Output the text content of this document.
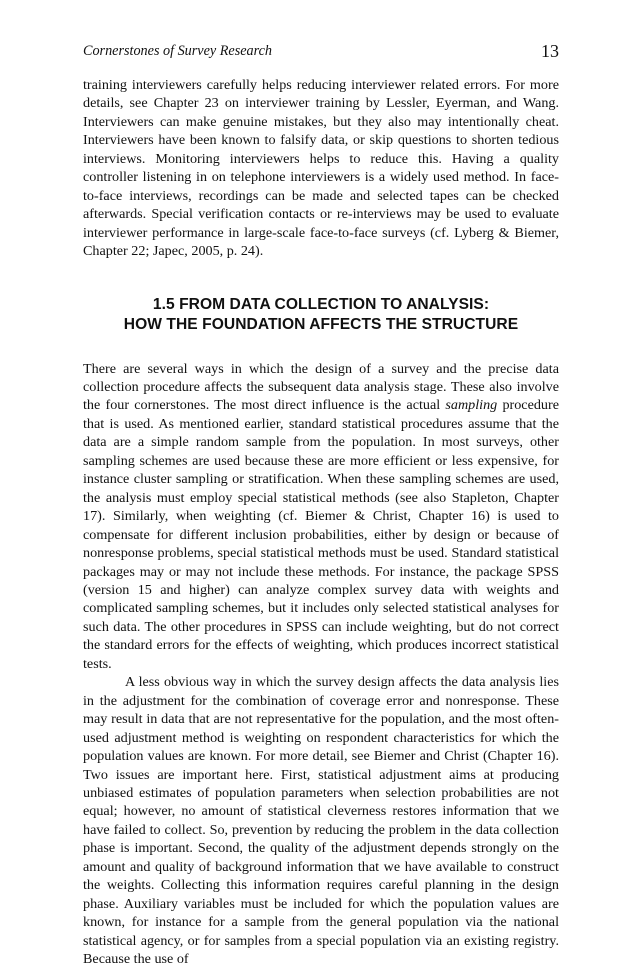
Cornerstones of Survey Research	13

training interviewers carefully helps reducing interviewer related errors. For more details, see Chapter 23 on interviewer training by Lessler, Eyerman, and Wang. Interviewers can make genuine mistakes, but they also may intentionally cheat. Interviewers have been known to falsify data, or skip questions to shorten tedious interviews. Monitoring interviewers helps to reduce this. Having a quality controller listening in on telephone interviewers is a widely used method. In face-to-face interviews, recordings can be made and selected tapes can be checked afterwards. Special verification contacts or re-interviews may be used to evaluate interviewer performance in large-scale face-to-face surveys (cf. Lyberg & Biemer, Chapter 22; Japec, 2005, p. 24).

1.5 FROM DATA COLLECTION TO ANALYSIS:
HOW THE FOUNDATION AFFECTS THE STRUCTURE

There are several ways in which the design of a survey and the precise data collection procedure affects the subsequent data analysis stage. These also involve the four cornerstones. The most direct influence is the actual sampling procedure that is used. As mentioned earlier, standard statistical procedures assume that the data are a simple random sample from the population. In most surveys, other sampling schemes are used because these are more efficient or less expensive, for instance cluster sampling or stratification. When these sampling schemes are used, the analysis must employ special statistical methods (see also Stapleton, Chapter 17). Similarly, when weighting (cf. Biemer & Christ, Chapter 16) is used to compensate for different inclusion probabilities, either by design or because of nonresponse problems, special statistical methods must be used. Standard statistical packages may or may not include these methods. For instance, the package SPSS (version 15 and higher) can analyze complex survey data with weights and complicated sampling schemes, but it includes only selected statistical analyses for such data. The other procedures in SPSS can include weighting, but do not correct the standard errors for the effects of weighting, which produces incorrect statistical tests.

A less obvious way in which the survey design affects the data analysis lies in the adjustment for the combination of coverage error and nonresponse. These may result in data that are not representative for the population, and the most often-used adjustment method is weighting on respondent characteristics for which the population values are known. For more detail, see Biemer and Christ (Chapter 16). Two issues are important here. First, statistical adjustment aims at producing unbiased estimates of population parameters when selection probabilities are not equal; however, no amount of statistical cleverness restores information that we have failed to collect. So, prevention by reducing the problem in the data collection phase is important. Second, the quality of the adjustment depends strongly on the amount and quality of background information that we have available to construct the weights. Collecting this information requires careful planning in the design phase. Auxiliary variables must be included for which the population values are known, for instance for a sample from the general population via the national statistical agency, or for samples from a special population via an existing registry. Because the use of
